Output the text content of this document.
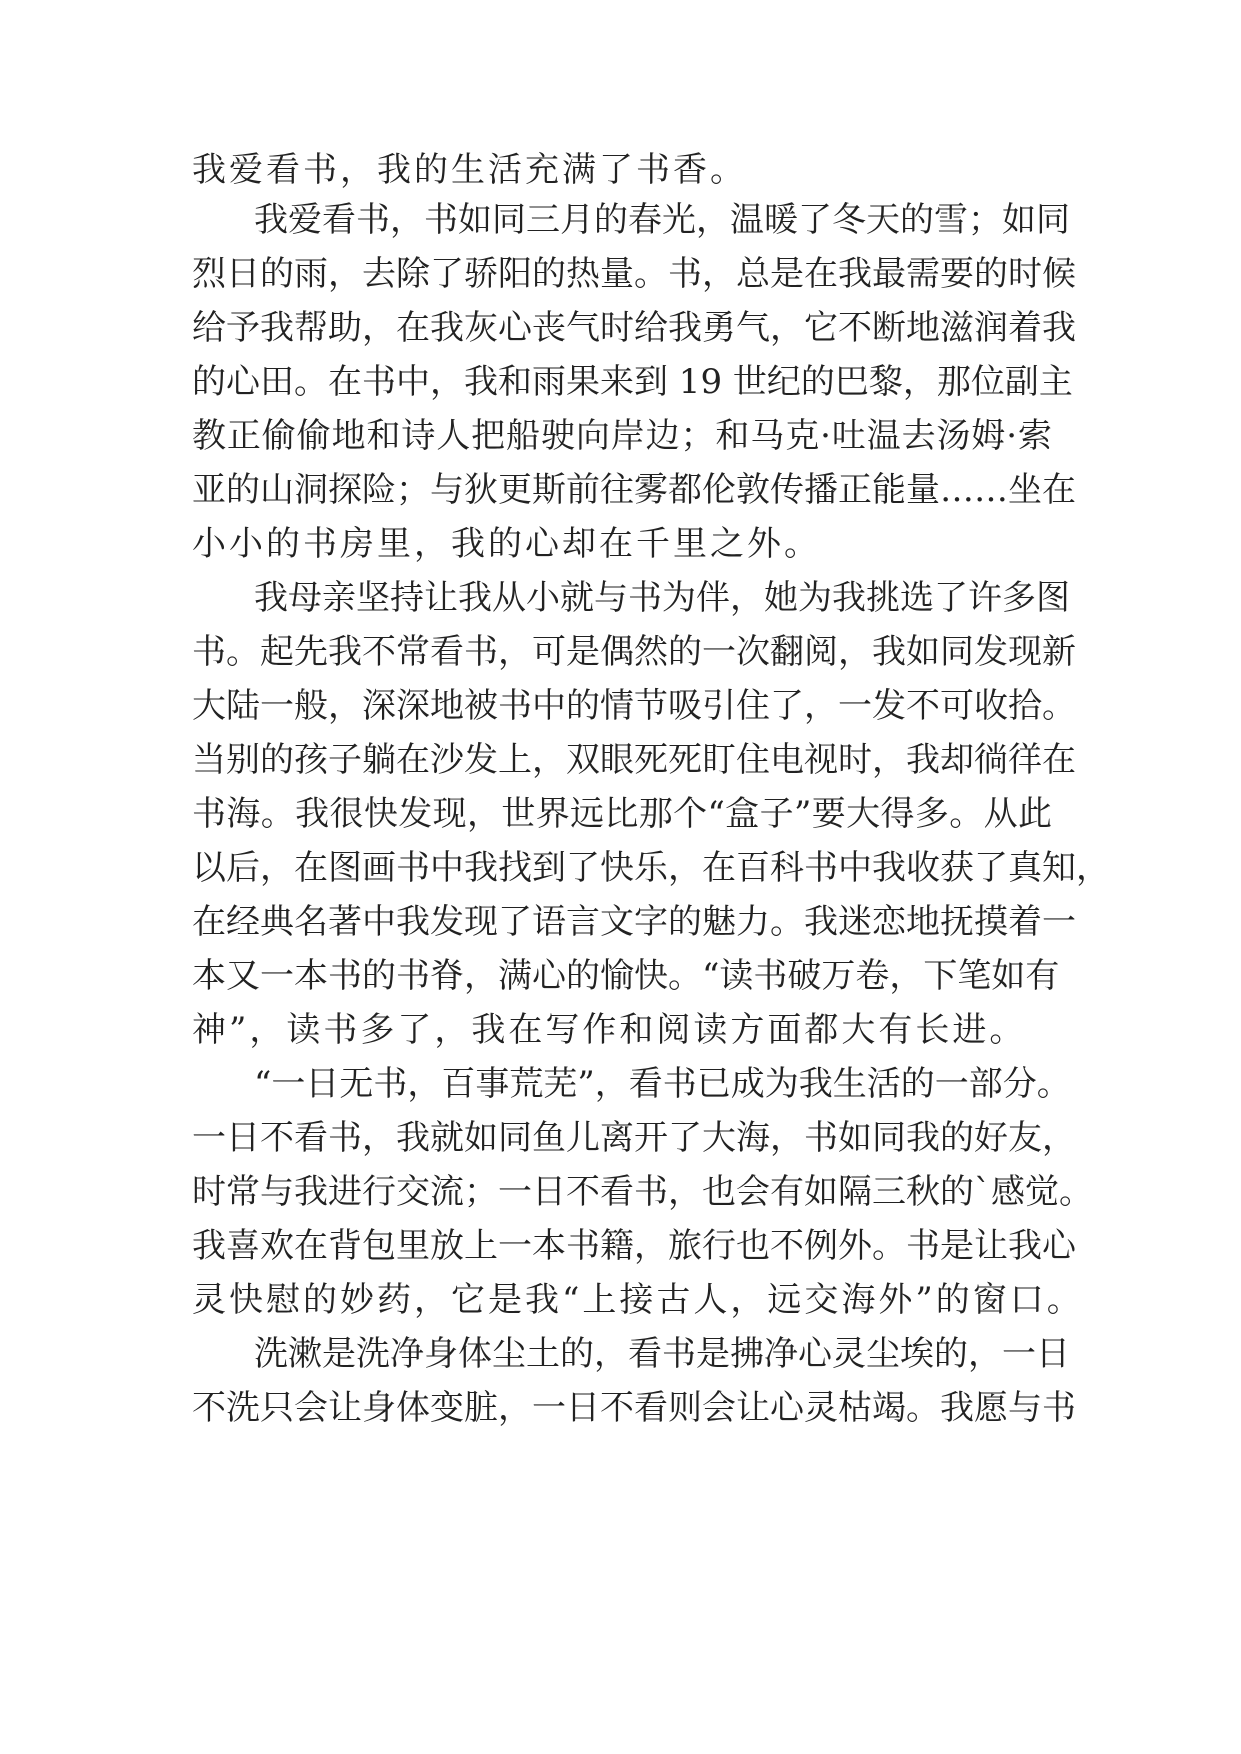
我爱看书，我的生活充满了书香。
我爱看书，书如同三月的春光，温暖了冬天的雪；如同
烈日的雨，去除了骄阳的热量。书，总是在我最需要的时候
给予我帮助，在我灰心丧气时给我勇气，它不断地滋润着我
的心田。在书中，我和雨果来到 19 世纪的巴黎，那位副主
教正偷偷地和诗人把船驶向岸边；和马克·吐温去汤姆·索
亚的山洞探险；与狄更斯前往雾都伦敦传播正能量……坐在
小小的书房里，我的心却在千里之外。
我母亲坚持让我从小就与书为伴，她为我挑选了许多图
书。起先我不常看书，可是偶然的一次翻阅，我如同发现新
大陆一般，深深地被书中的情节吸引住了，一发不可收拾。
当别的孩子躺在沙发上，双眼死死盯住电视时，我却徜徉在
书海。我很快发现，世界远比那个“盒子”要大得多。从此
以后，在图画书中我找到了快乐，在百科书中我收获了真知，
在经典名著中我发现了语言文字的魅力。我迷恋地抚摸着一
本又一本书的书脊，满心的愉快。“读书破万卷，下笔如有
神”，读书多了，我在写作和阅读方面都大有长进。
“一日无书，百事荒芜”，看书已成为我生活的一部分。
一日不看书，我就如同鱼儿离开了大海，书如同我的好友，
时常与我进行交流；一日不看书，也会有如隔三秋的`感觉。
我喜欢在背包里放上一本书籍，旅行也不例外。书是让我心
灵快慰的妙药，它是我“上接古人，远交海外”的窗口。
洗漱是洗净身体尘土的，看书是拂净心灵尘埃的，一日
不洗只会让身体变脏，一日不看则会让心灵枯竭。我愿与书
